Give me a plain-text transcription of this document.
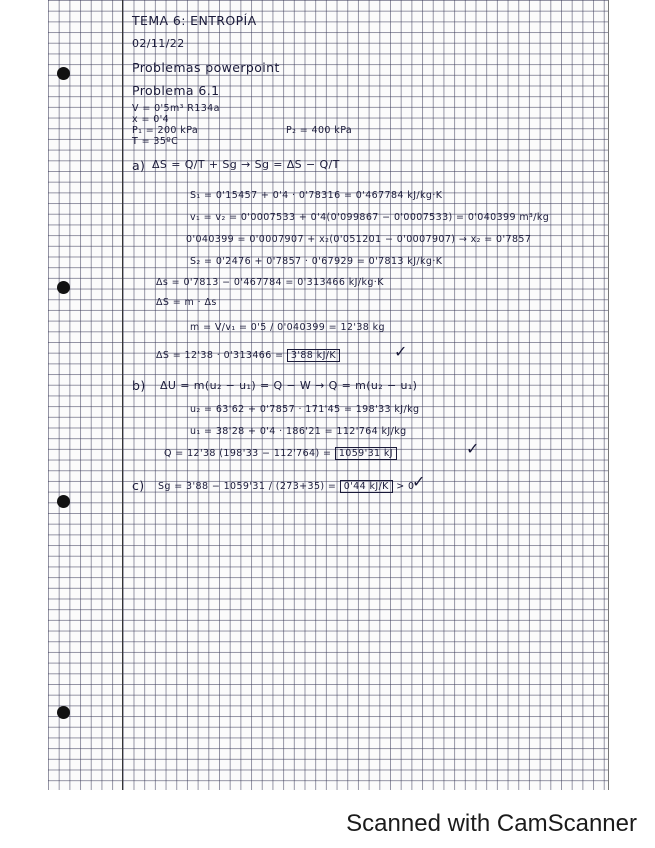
TEMA 6: ENTROPÍA
02/11/22
Problemas powerpoint
Problema 6.1
V = 0'5m³ R134a
x = 0'4
P₁ = 200 kPa
T = 35ºC
P₂ = 400 kPa
a) ΔS = Q/T + Sg → Sg = ΔS − Q/T
S₁ = 0'15457 + 0'4 · 0'78316 = 0'467784 kJ/kg·K
v₁ = v₂ = 0'0007533 + 0'4(0'099867 − 0'0007533) = 0'040399 m³/kg
0'040399 = 0'0007907 + x₂(0'051201 − 0'0007907) → x₂ = 0'7857
S₂ = 0'2476 + 0'7857 · 0'67929 = 0'7813 kJ/kg·K
Δs = 0'7813 − 0'467784 = 0'313466 kJ/kg·K
ΔS = m · Δs
m = V/v₁ = 0'5 / 0'040399 = 12'38 kg
ΔS = 12'38 · 0'313466 = 3'88 kJ/K	✓
b) ΔU = m(u₂ − u₁) = Q − W → Q = m(u₂ − u₁)
u₂ = 63'62 + 0'7857 · 171'45 = 198'33 kJ/kg
u₁ = 38'28 + 0'4 · 186'21 = 112'764 kJ/kg
Q = 12'38 (198'33 − 112'764) = 1059'31 kJ	✓
c) Sg = 3'88 − 1059'31 / (273+35) = 0'44 kJ/K > 0
✓
Scanned with CamScanner
